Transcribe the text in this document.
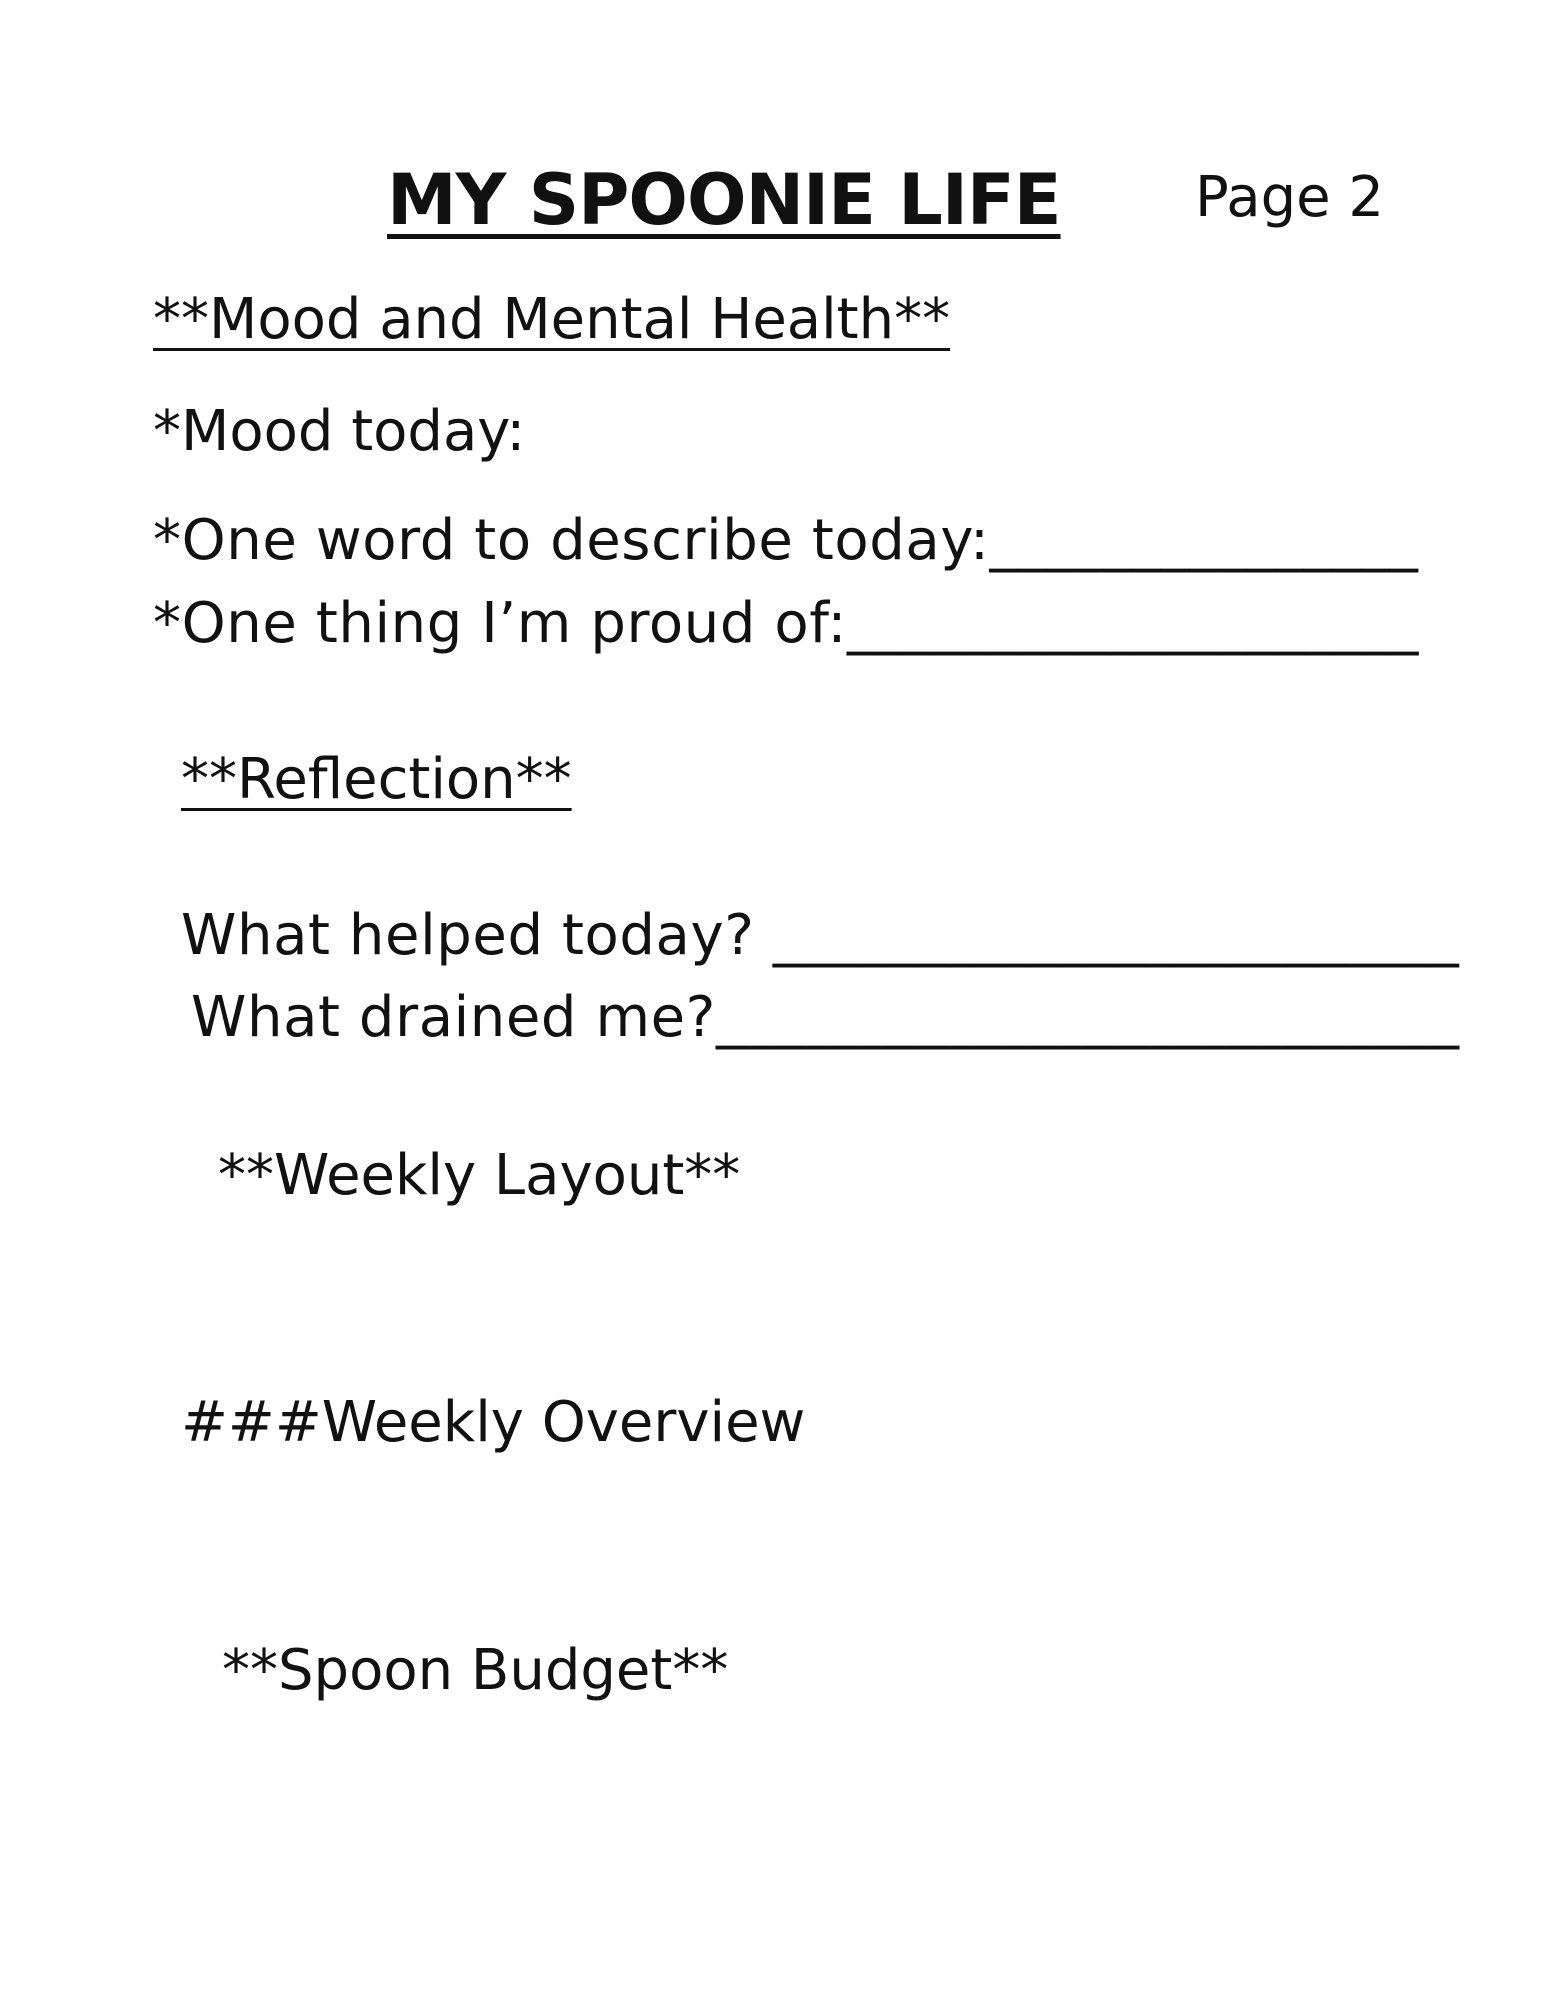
MY SPOONIE LIFE Page 2
**Mood and Mental Health**
*Mood today:
*One word to describe today:_______________
*One thing I’m proud of:____________________
**Reflection**
What helped today? ________________________
What drained me?__________________________
**Weekly Layout**
###Weekly Overview
**Spoon Budget**
